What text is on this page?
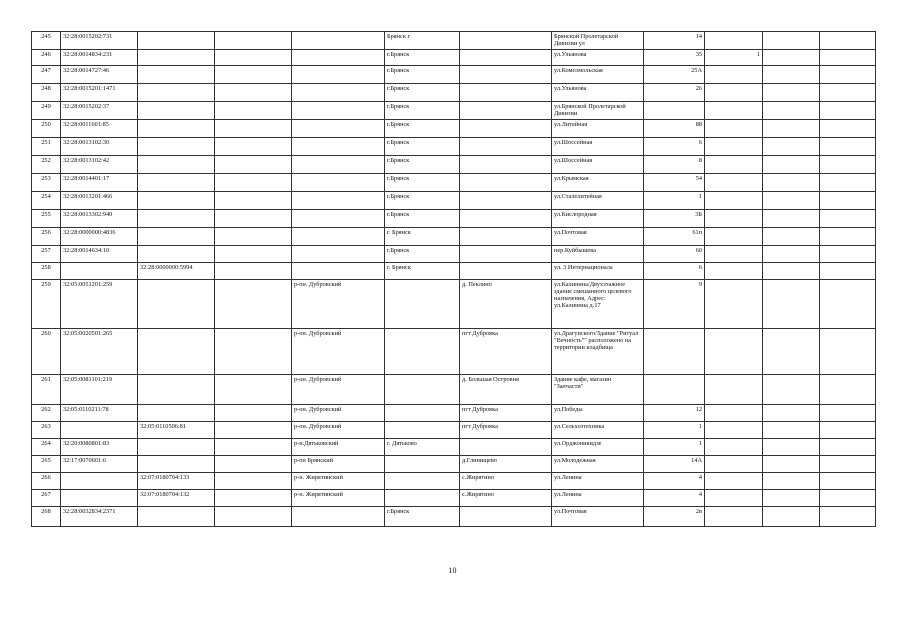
245	32:28:0015202:731				Брянск г		Брянской Пролетарской Дивизии ул	14			
246	32:28:0014834:231				г.Брянск		ул.Ульянова	35	1		
247	32:28:0014727:46				г.Брянск		ул.Комсомольская	25А			
248	32:28:0015201:1471				г.Брянск		ул.Ульянова	26			
249	32:28:0015202:37				г.Брянск		ул.Брянской Пролетарской Дивизии				
250	32:28:0011601:85				г.Брянск		ул.Литейная	88			
251	32:28:0013102:30				г.Брянск		ул.Шоссейная	6			
252	32:28:0013102:42				г.Брянск		ул.Шоссейная	8			
253	32:28:0014401:17				г.Брянск		ул.Крымская	54			
254	32:28:0013201:466				г.Брянск		ул.Сталелитейная	1			
255	32:28:0013302:940				г.Брянск		ул.Кислородная	3Б			
256	32:28:0000000:4836				г. Брянск		ул.Почтовая	61п			
257	32:28:0014634:10				г.Брянск		пер.Куйбышева	60			
258		32:28:0000000:5994			г. Брянск		ул. 3 Интернационала	6			
259	32:05:0051201:259			р-он. Дубровский		д. Пеклино	ул.Калинина/Двухэтажное здание смешанного целевого назначения, Адрес: ул.Калинина д.17	9			
260	32:05:0020501:265			р-он. Дубровский		пгт Дубровка	ул.Драгунского/Здание "Ритуал "Вечность"" расположено на территории кладбища				
261	32:05:0081101:219			р-он. Дубровский		д. Большая Островня	Здание кафе, магазин "Запчасти"				
262	32:05:0110211:78			р-он. Дубровский		пгт Дубровка	ул.Победы	12			
263		32:05:0110506:81		р-он. Дубровский		пгт Дубровка	ул.Сельхозтехника	1			
264	32:20:0080801:83			р-н.Дятьковский	г. Дятьково		ул.Орджоникидзе	1			
265	32:17:0070601:6			р-он Брянский		д.Глинищево	ул.Молодежная	14А			
266		32:07:0180704:133		р-н. Жирятинский		с.Жирятино	ул.Ленина	4			
267		32:07:0180704:132		р-н. Жирятинский		с.Жирятино	ул.Ленина	4			
268	32:28:0032834:2371				г.Брянск		ул.Почтовая	2в			
10
